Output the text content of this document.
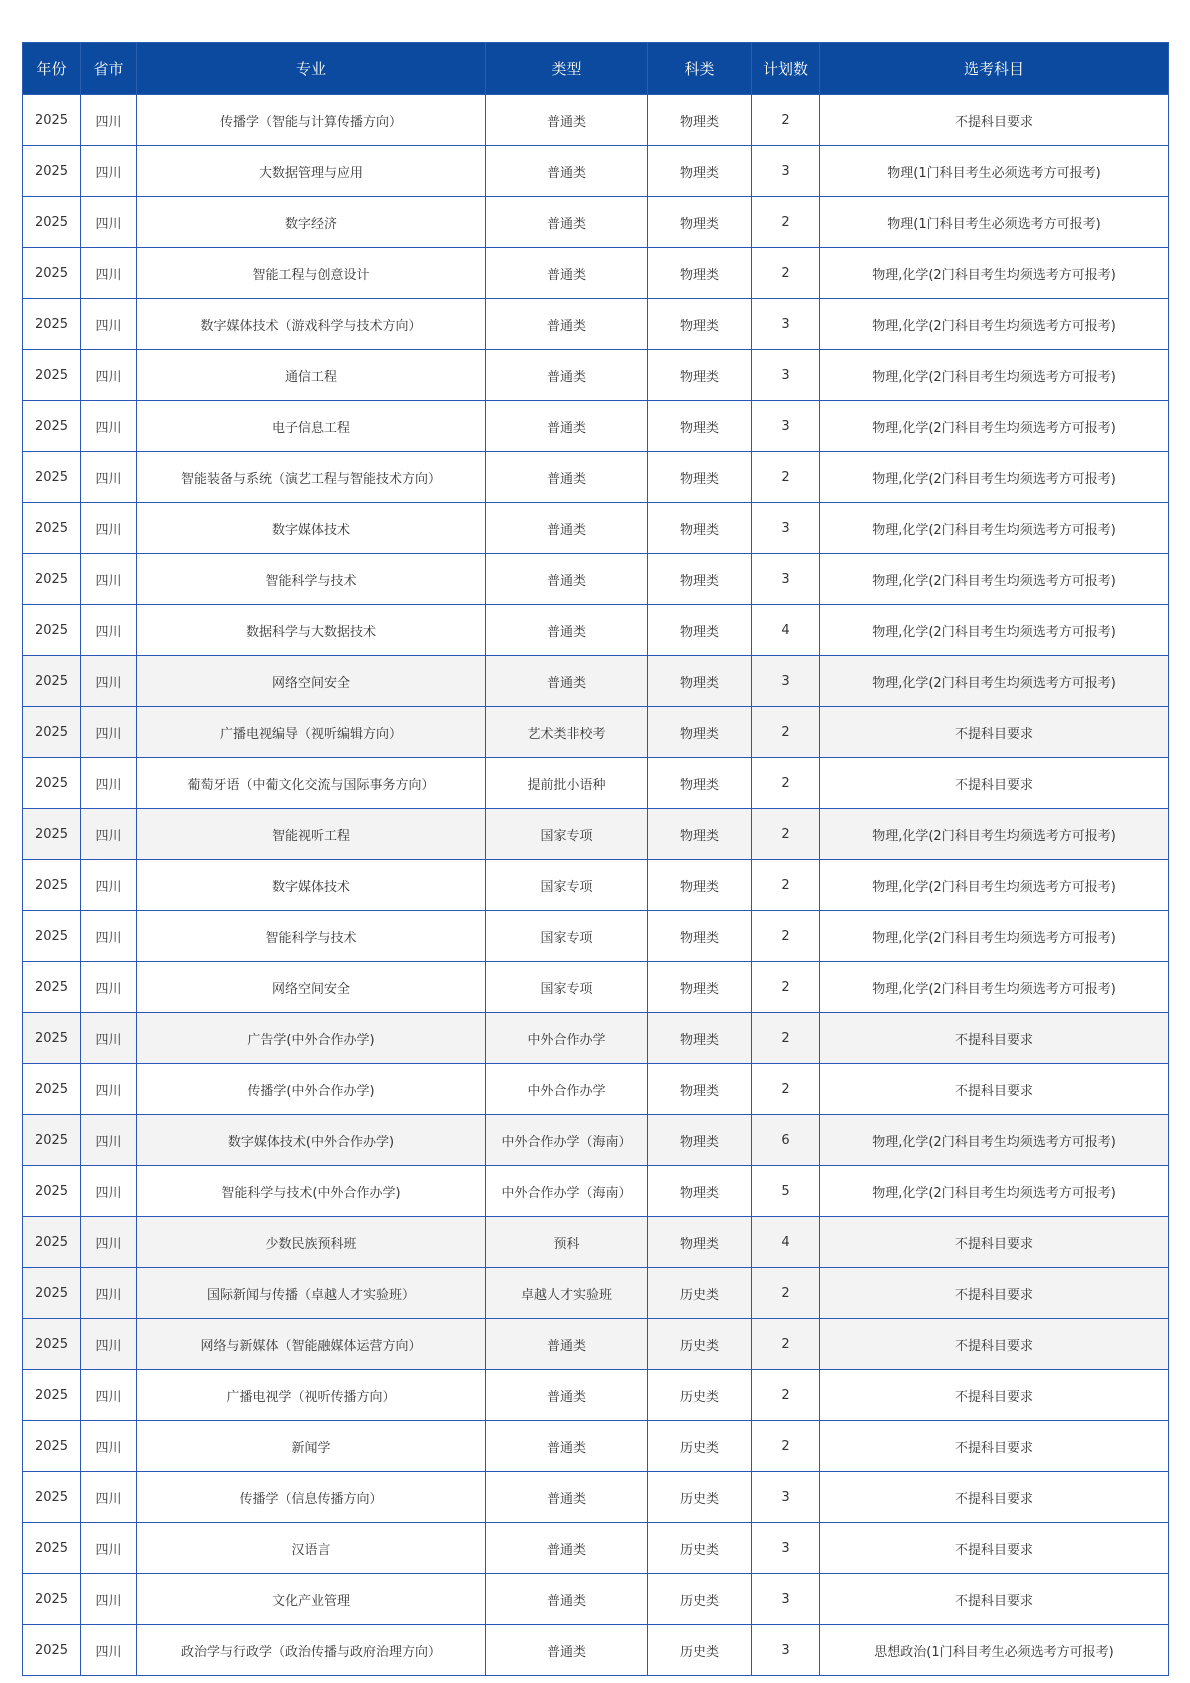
年份	省市	专业	类型	科类	计划数	选考科目
2025	四川	传播学（智能与计算传播方向）	普通类	物理类	2	不提科目要求
2025	四川	大数据管理与应用	普通类	物理类	3	物理(1门科目考生必须选考方可报考)
2025	四川	数字经济	普通类	物理类	2	物理(1门科目考生必须选考方可报考)
2025	四川	智能工程与创意设计	普通类	物理类	2	物理,化学(2门科目考生均须选考方可报考)
2025	四川	数字媒体技术（游戏科学与技术方向）	普通类	物理类	3	物理,化学(2门科目考生均须选考方可报考)
2025	四川	通信工程	普通类	物理类	3	物理,化学(2门科目考生均须选考方可报考)
2025	四川	电子信息工程	普通类	物理类	3	物理,化学(2门科目考生均须选考方可报考)
2025	四川	智能装备与系统（演艺工程与智能技术方向）	普通类	物理类	2	物理,化学(2门科目考生均须选考方可报考)
2025	四川	数字媒体技术	普通类	物理类	3	物理,化学(2门科目考生均须选考方可报考)
2025	四川	智能科学与技术	普通类	物理类	3	物理,化学(2门科目考生均须选考方可报考)
2025	四川	数据科学与大数据技术	普通类	物理类	4	物理,化学(2门科目考生均须选考方可报考)
2025	四川	网络空间安全	普通类	物理类	3	物理,化学(2门科目考生均须选考方可报考)
2025	四川	广播电视编导（视听编辑方向）	艺术类非校考	物理类	2	不提科目要求
2025	四川	葡萄牙语（中葡文化交流与国际事务方向）	提前批小语种	物理类	2	不提科目要求
2025	四川	智能视听工程	国家专项	物理类	2	物理,化学(2门科目考生均须选考方可报考)
2025	四川	数字媒体技术	国家专项	物理类	2	物理,化学(2门科目考生均须选考方可报考)
2025	四川	智能科学与技术	国家专项	物理类	2	物理,化学(2门科目考生均须选考方可报考)
2025	四川	网络空间安全	国家专项	物理类	2	物理,化学(2门科目考生均须选考方可报考)
2025	四川	广告学(中外合作办学)	中外合作办学	物理类	2	不提科目要求
2025	四川	传播学(中外合作办学)	中外合作办学	物理类	2	不提科目要求
2025	四川	数字媒体技术(中外合作办学)	中外合作办学（海南）	物理类	6	物理,化学(2门科目考生均须选考方可报考)
2025	四川	智能科学与技术(中外合作办学)	中外合作办学（海南）	物理类	5	物理,化学(2门科目考生均须选考方可报考)
2025	四川	少数民族预科班	预科	物理类	4	不提科目要求
2025	四川	国际新闻与传播（卓越人才实验班）	卓越人才实验班	历史类	2	不提科目要求
2025	四川	网络与新媒体（智能融媒体运营方向）	普通类	历史类	2	不提科目要求
2025	四川	广播电视学（视听传播方向）	普通类	历史类	2	不提科目要求
2025	四川	新闻学	普通类	历史类	2	不提科目要求
2025	四川	传播学（信息传播方向）	普通类	历史类	3	不提科目要求
2025	四川	汉语言	普通类	历史类	3	不提科目要求
2025	四川	文化产业管理	普通类	历史类	3	不提科目要求
2025	四川	政治学与行政学（政治传播与政府治理方向）	普通类	历史类	3	思想政治(1门科目考生必须选考方可报考)
